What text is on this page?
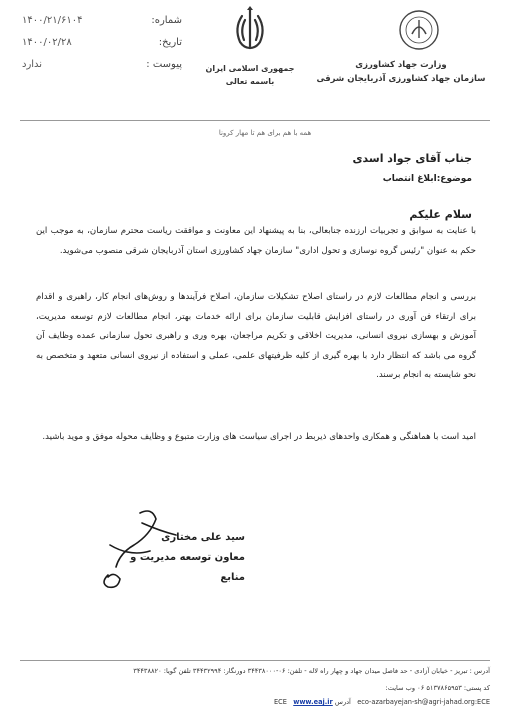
شماره:
۱۴۰۰/۲۱/۶۱۰۴
تاریخ:
۱۴۰۰/۰۲/۲۸
پیوست :
ندارد	جمهوری اسلامی ایران
باسمه تعالی
وزارت جهاد کشاورزی
سازمان جهاد کشاورزی آذربایجان شرقی
همه با هم برای هم تا مهار کرونا
جناب آقای جواد اسدی
موضوع:ابلاغ انتصاب
سلام علیکم
با عنایت به سوابق و تجربیات ارزنده جنابعالی، بنا به پیشنهاد این معاونت و موافقت ریاست محترم سازمان، به موجب این حکم به عنوان "رئیس گروه نوسازی و تحول اداری" سازمان جهاد کشاورزی استان آذربایجان شرقی منصوب می‌شوید.
بررسی و انجام مطالعات لازم در راستای اصلاح تشکیلات سازمان، اصلاح فرآیندها و روش‌های انجام کار، راهبری و اقدام برای ارتقاء فن آوری در راستای افزایش قابلیت سازمان برای ارائه خدمات بهتر، انجام مطالعات لازم توسعه مدیریت، آموزش و بهسازی نیروی انسانی، مدیریت اخلاقی و تکریم مراجعان، بهره وری و راهبری تحول سازمانی عمده وظایف آن گروه می باشد که انتظار دارد با بهره گیری از کلیه ظرفیتهای علمی، عملی و استفاده از نیروی انسانی متعهد و متخصص به نحو شایسته به انجام برسند.
امید است با هماهنگی و همکاری واحدهای ذیربط در اجرای سیاست های وزارت متبوع و وظایف محوله موفق و موید باشید.
سید علی مختاری
معاون توسعه مدیریت و منابع
آدرس : تبریز - خیابان آزادی - حد فاصل میدان جهاد و چهار راه لاله - تلفن: ۰۶-۳۴۴۳۸۰۰۰ دورنگار: ۳۴۴۳۲۹۹۴ تلفن گویا: ۳۴۴۳۸۸۲۰
کد پستی: ۵۱۳۷۸۶۵۹۵۳ ۰۶ وب سایت:
eco-azarbayejan-sh@agri-jahad.org:ECE   آدرس ECE   www.eaj.ir
